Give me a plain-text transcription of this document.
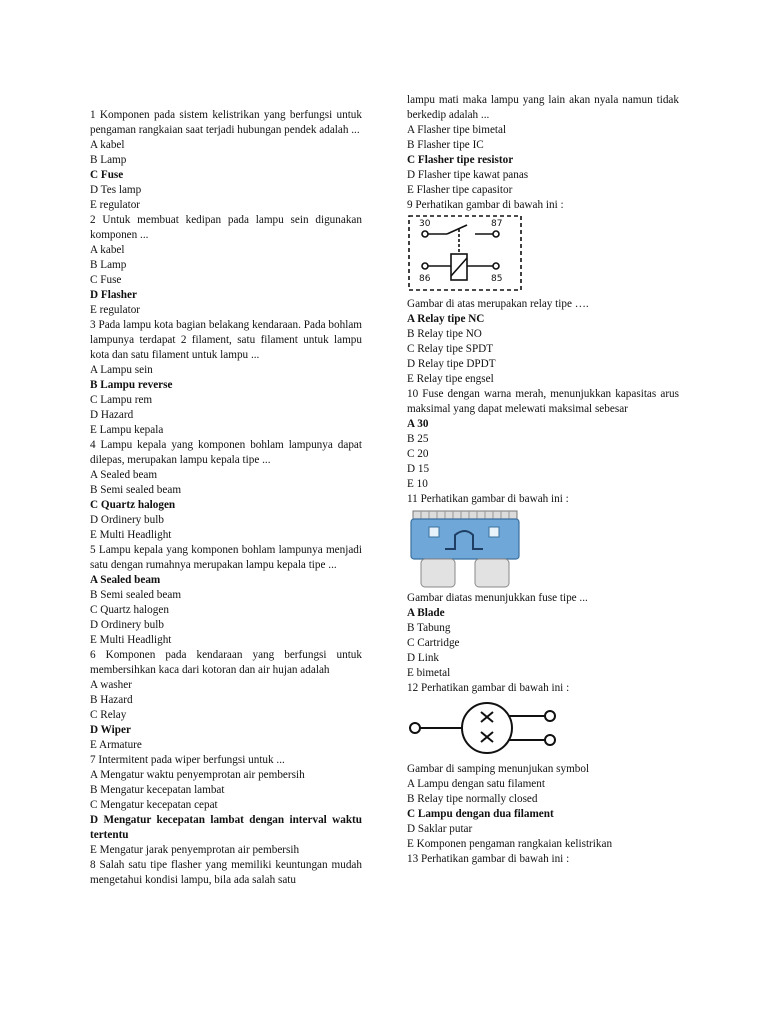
1 Komponen pada sistem kelistrikan yang berfungsi untuk pengaman rangkaian saat terjadi hubungan pendek adalah ...
A kabel
B Lamp
C Fuse
D Tes lamp
E regulator
2 Untuk membuat kedipan pada lampu sein digunakan komponen ...
A kabel
B Lamp
C Fuse
D Flasher
E regulator
3 Pada lampu kota bagian belakang kendaraan. Pada bohlam lampunya terdapat 2 filament, satu filament untuk lampu kota dan satu filament untuk lampu ...
A Lampu sein
B Lampu reverse
C Lampu rem
D Hazard
E Lampu kepala
4 Lampu kepala yang komponen bohlam lampunya dapat dilepas, merupakan lampu kepala tipe ...
A Sealed beam
B Semi sealed beam
C Quartz halogen
D Ordinery bulb
E Multi Headlight
5 Lampu kepala yang komponen bohlam lampunya menjadi satu dengan rumahnya merupakan lampu kepala tipe ...
A Sealed beam
B Semi sealed beam
C Quartz halogen
D Ordinery bulb
E Multi Headlight
6 Komponen pada kendaraan yang berfungsi untuk membersihkan kaca dari kotoran dan air hujan adalah
A washer
B Hazard
C Relay
D Wiper
E Armature
7 Intermitent pada wiper berfungsi untuk ...
A Mengatur waktu penyemprotan air pembersih
B Mengatur kecepatan lambat
C Mengatur kecepatan cepat
D Mengatur kecepatan lambat dengan interval waktu tertentu
E Mengatur jarak penyemprotan air pembersih
8 Salah satu tipe flasher yang memiliki keuntungan mudah mengetahui kondisi lampu, bila ada salah satu
lampu mati maka lampu yang lain akan nyala namun tidak berkedip adalah ...
A Flasher tipe bimetal
B Flasher tipe IC
C Flasher tipe resistor
D Flasher tipe kawat panas
E Flasher tipe capasitor
9 Perhatikan gambar di bawah ini :
30	87
86	85
Gambar di atas merupakan relay tipe ….
A Relay tipe NC
B Relay tipe NO
C Relay tipe SPDT
D Relay tipe DPDT
E Relay tipe engsel
10 Fuse dengan warna merah, menunjukkan kapasitas arus maksimal yang dapat melewati maksimal sebesar
A 30
B 25
C 20
D 15
E 10
11 Perhatikan gambar di bawah ini :
Gambar diatas menunjukkan fuse tipe ...
A Blade
B Tabung
C Cartridge
D Link
E bimetal
12 Perhatikan gambar di bawah ini :
Gambar di samping menunjukan symbol
A Lampu dengan satu filament
B Relay tipe normally closed
C Lampu dengan dua filament
D Saklar putar
E Komponen pengaman rangkaian kelistrikan
13 Perhatikan gambar di bawah ini :
